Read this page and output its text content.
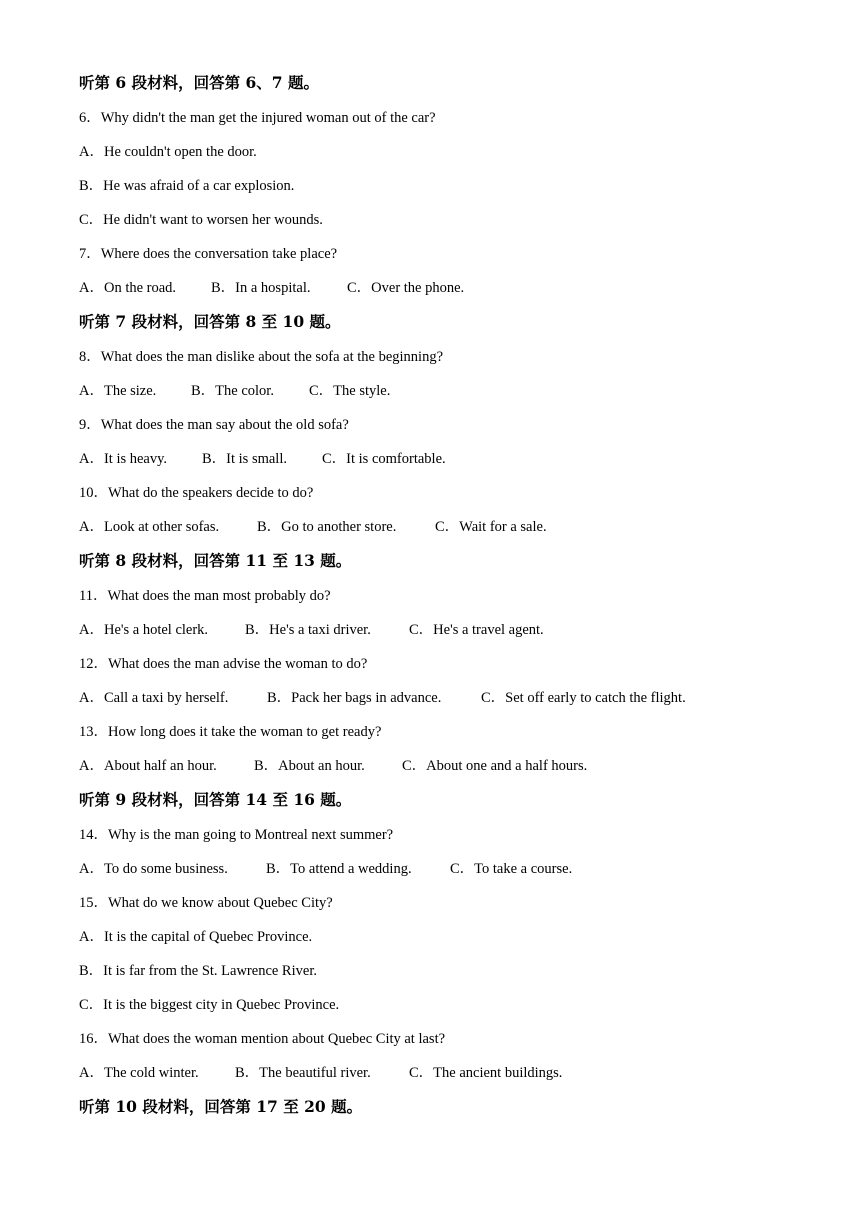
听第 6 段材料，回答第 6、7 题。
6．Why didn't the man get the injured woman out of the car?
A．He couldn't open the door.
B．He was afraid of a car explosion.
C．He didn't want to worsen her wounds.
7．Where does the conversation take place?
A．On the road. B．In a hospital.	C．Over the phone.
听第 7 段材料，回答第 8 至 10 题。
8．What does the man dislike about the sofa at the beginning?
A．The size. B．The color. C．The style.
9．What does the man say about the old sofa?
A．It is heavy. B．It is small. C．It is comfortable.
10．What do the speakers decide to do?
A．Look at other sofas.	B．Go to another store.	C．Wait for a sale.
听第 8 段材料，回答第 11 至 13 题。
11．What does the man most probably do?
A．He's a hotel clerk.	B．He's a taxi driver.	C．He's a travel agent.
12．What does the man advise the woman to do?
A．Call a taxi by herself.	B．Pack her bags in advance.	C．Set off early to catch the flight.
13．How long does it take the woman to get ready?
A．About half an hour.	B．About an hour.	C．About one and a half hours.
听第 9 段材料，回答第 14 至 16 题。
14．Why is the man going to Montreal next summer?
A．To do some business.	B．To attend a wedding.	C．To take a course.
15．What do we know about Quebec City?
A．It is the capital of Quebec Province.
B．It is far from the St. Lawrence River.
C．It is the biggest city in Quebec Province.
16．What does the woman mention about Quebec City at last?
A．The cold winter.	B．The beautiful river.	C．The ancient buildings.
听第 10 段材料，回答第 17 至 20 题。
